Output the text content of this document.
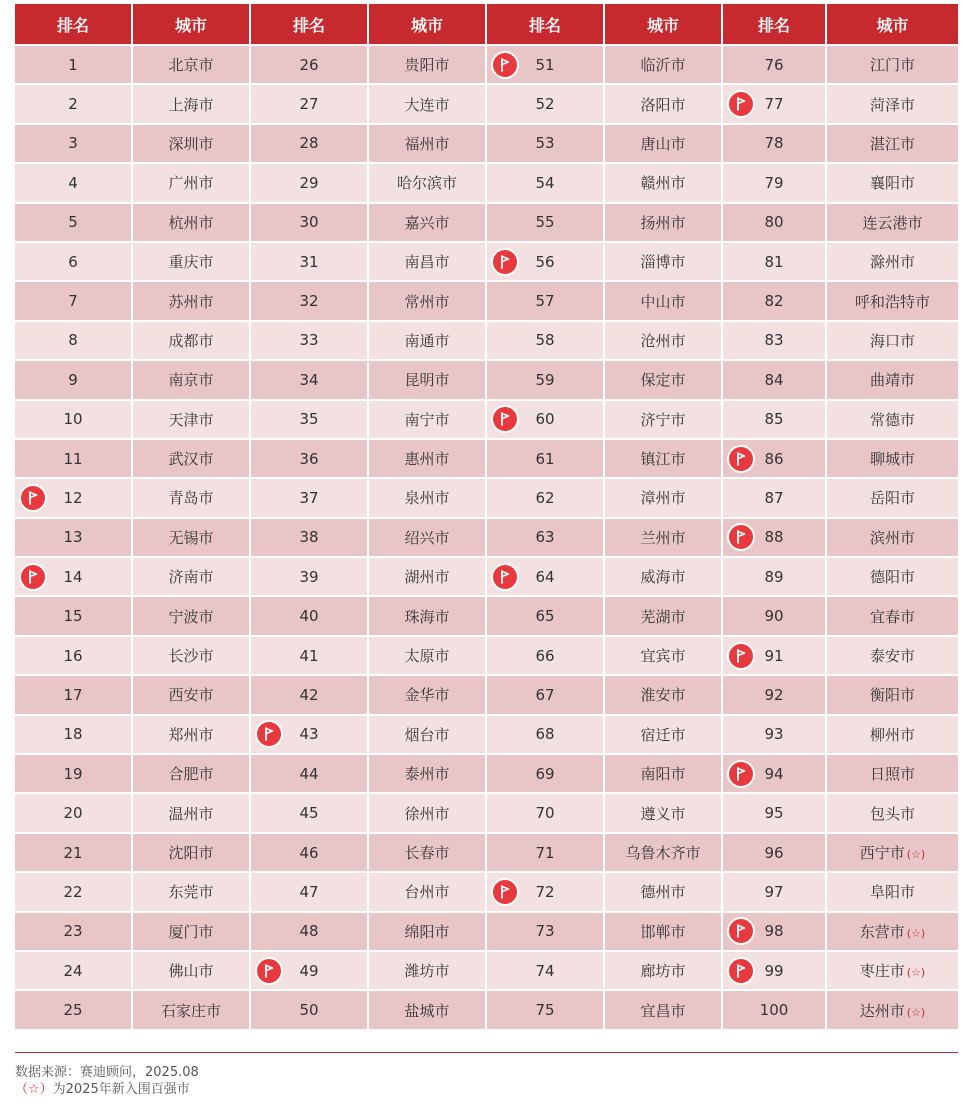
排名	城市	排名	城市	排名	城市	排名	城市
1	北京市	26	贵阳市	51	临沂市	76	江门市
2	上海市	27	大连市	52	洛阳市	77	菏泽市
3	深圳市	28	福州市	53	唐山市	78	湛江市
4	广州市	29	哈尔滨市	54	赣州市	79	襄阳市
5	杭州市	30	嘉兴市	55	扬州市	80	连云港市
6	重庆市	31	南昌市	56	淄博市	81	滁州市
7	苏州市	32	常州市	57	中山市	82	呼和浩特市
8	成都市	33	南通市	58	沧州市	83	海口市
9	南京市	34	昆明市	59	保定市	84	曲靖市
10	天津市	35	南宁市	60	济宁市	85	常德市
11	武汉市	36	惠州市	61	镇江市	86	聊城市
12	青岛市	37	泉州市	62	漳州市	87	岳阳市
13	无锡市	38	绍兴市	63	兰州市	88	滨州市
14	济南市	39	湖州市	64	威海市	89	德阳市
15	宁波市	40	珠海市	65	芜湖市	90	宜春市
16	长沙市	41	太原市	66	宜宾市	91	泰安市
17	西安市	42	金华市	67	淮安市	92	衡阳市
18	郑州市	43	烟台市	68	宿迁市	93	柳州市
19	合肥市	44	泰州市	69	南阳市	94	日照市
20	温州市	45	徐州市	70	遵义市	95	包头市
21	沈阳市	46	长春市	71	乌鲁木齐市	96	西宁市 (☆)
22	东莞市	47	台州市	72	德州市	97	阜阳市
23	厦门市	48	绵阳市	73	邯郸市	98	东营市 (☆)
24	佛山市	49	潍坊市	74	廊坊市	99	枣庄市 (☆)
25	石家庄市	50	盐城市	75	宜昌市	100	达州市 (☆)
数据来源：赛迪顾问，2025.08
（☆）为2025年新入围百强市
